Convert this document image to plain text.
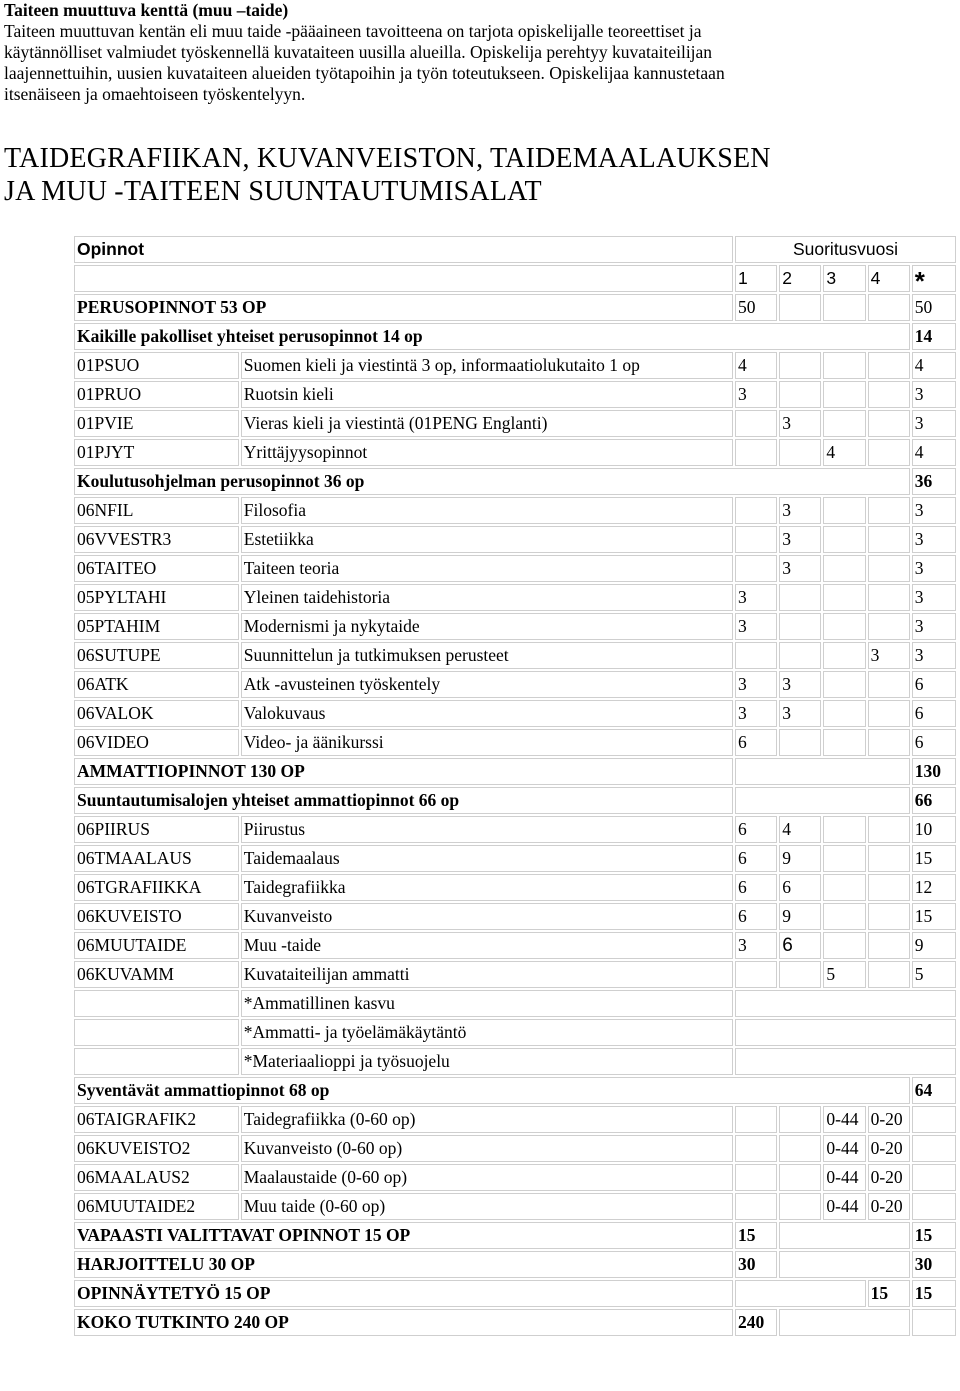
Taiteen muuttuva kenttä (muu –taide)
Taiteen muuttuvan kentän eli muu taide -pääaineen tavoitteena on tarjota opiskelijalle teoreettiset ja
käytännölliset valmiudet työskennellä kuvataiteen uusilla alueilla. Opiskelija perehtyy kuvataiteilijan
laajennettuihin, uusien kuvataiteen alueiden työtapoihin ja työn toteutukseen. Opiskelijaa kannustetaan
itsenäiseen ja omaehtoiseen työskentelyyn.
TAIDEGRAFIIKAN, KUVANVEISTON, TAIDEMAALAUKSEN
JA MUU -TAITEEN SUUNTAUTUMISALAT
Opinnot		Suoritusvuosi				
		1	2	3	4	*
PERUSOPINNOT 53 OP		50				50
Kaikille pakolliset yhteiset perusopinnot 14 op						14
01PSUO	Suomen kieli ja viestintä 3 op, informaatiolukutaito 1 op	4				4
01PRUO	Ruotsin kieli	3				3
01PVIE	Vieras kieli ja viestintä (01PENG Englanti)		3			3
01PJYT	Yrittäjyysopinnot			4		4
Koulutusohjelman perusopinnot 36 op						36
06NFIL	Filosofia		3			3
06VVESTR3	Estetiikka		3			3
06TAITEO	Taiteen teoria		3			3
05PYLTAHI	Yleinen taidehistoria	3				3
05PTAHIM	Modernismi ja nykytaide	3				3
06SUTUPE	Suunnittelun ja tutkimuksen perusteet				3	3
06ATK	Atk -avusteinen työskentely	3	3			6
06VALOK	Valokuvaus	3	3			6
06VIDEO	Video- ja äänikurssi	6				6
AMMATTIOPINNOT 130 OP						130
Suuntautumisalojen yhteiset ammattiopinnot 66 op						66
06PIIRUS	Piirustus	6	4			10
06TMAALAUS	Taidemaalaus	6	9			15
06TGRAFIIKKA	Taidegrafiikka	6	6			12
06KUVEISTO	Kuvanveisto	6	9			15
06MUUTAIDE	Muu -taide	3	6			9
06KUVAMM	Kuvataiteilijan ammatti			5		5
	*Ammatillinen kasvu					
	*Ammatti- ja työelämäkäytäntö					
	*Materiaalioppi ja työsuojelu					
Syventävät ammattiopinnot 68 op						64
06TAIGRAFIK2	Taidegrafiikka (0-60 op)			0-44	0-20	
06KUVEISTO2	Kuvanveisto (0-60 op)			0-44	0-20	
06MAALAUS2	Maalaustaide (0-60 op)			0-44	0-20	
06MUUTAIDE2	Muu taide (0-60 op)			0-44	0-20	
VAPAASTI VALITTAVAT OPINNOT 15 OP		15				15
HARJOITTELU 30 OP		30				30
OPINNÄYTETYÖ 15 OP					15	15
KOKO TUTKINTO 240 OP		240				
